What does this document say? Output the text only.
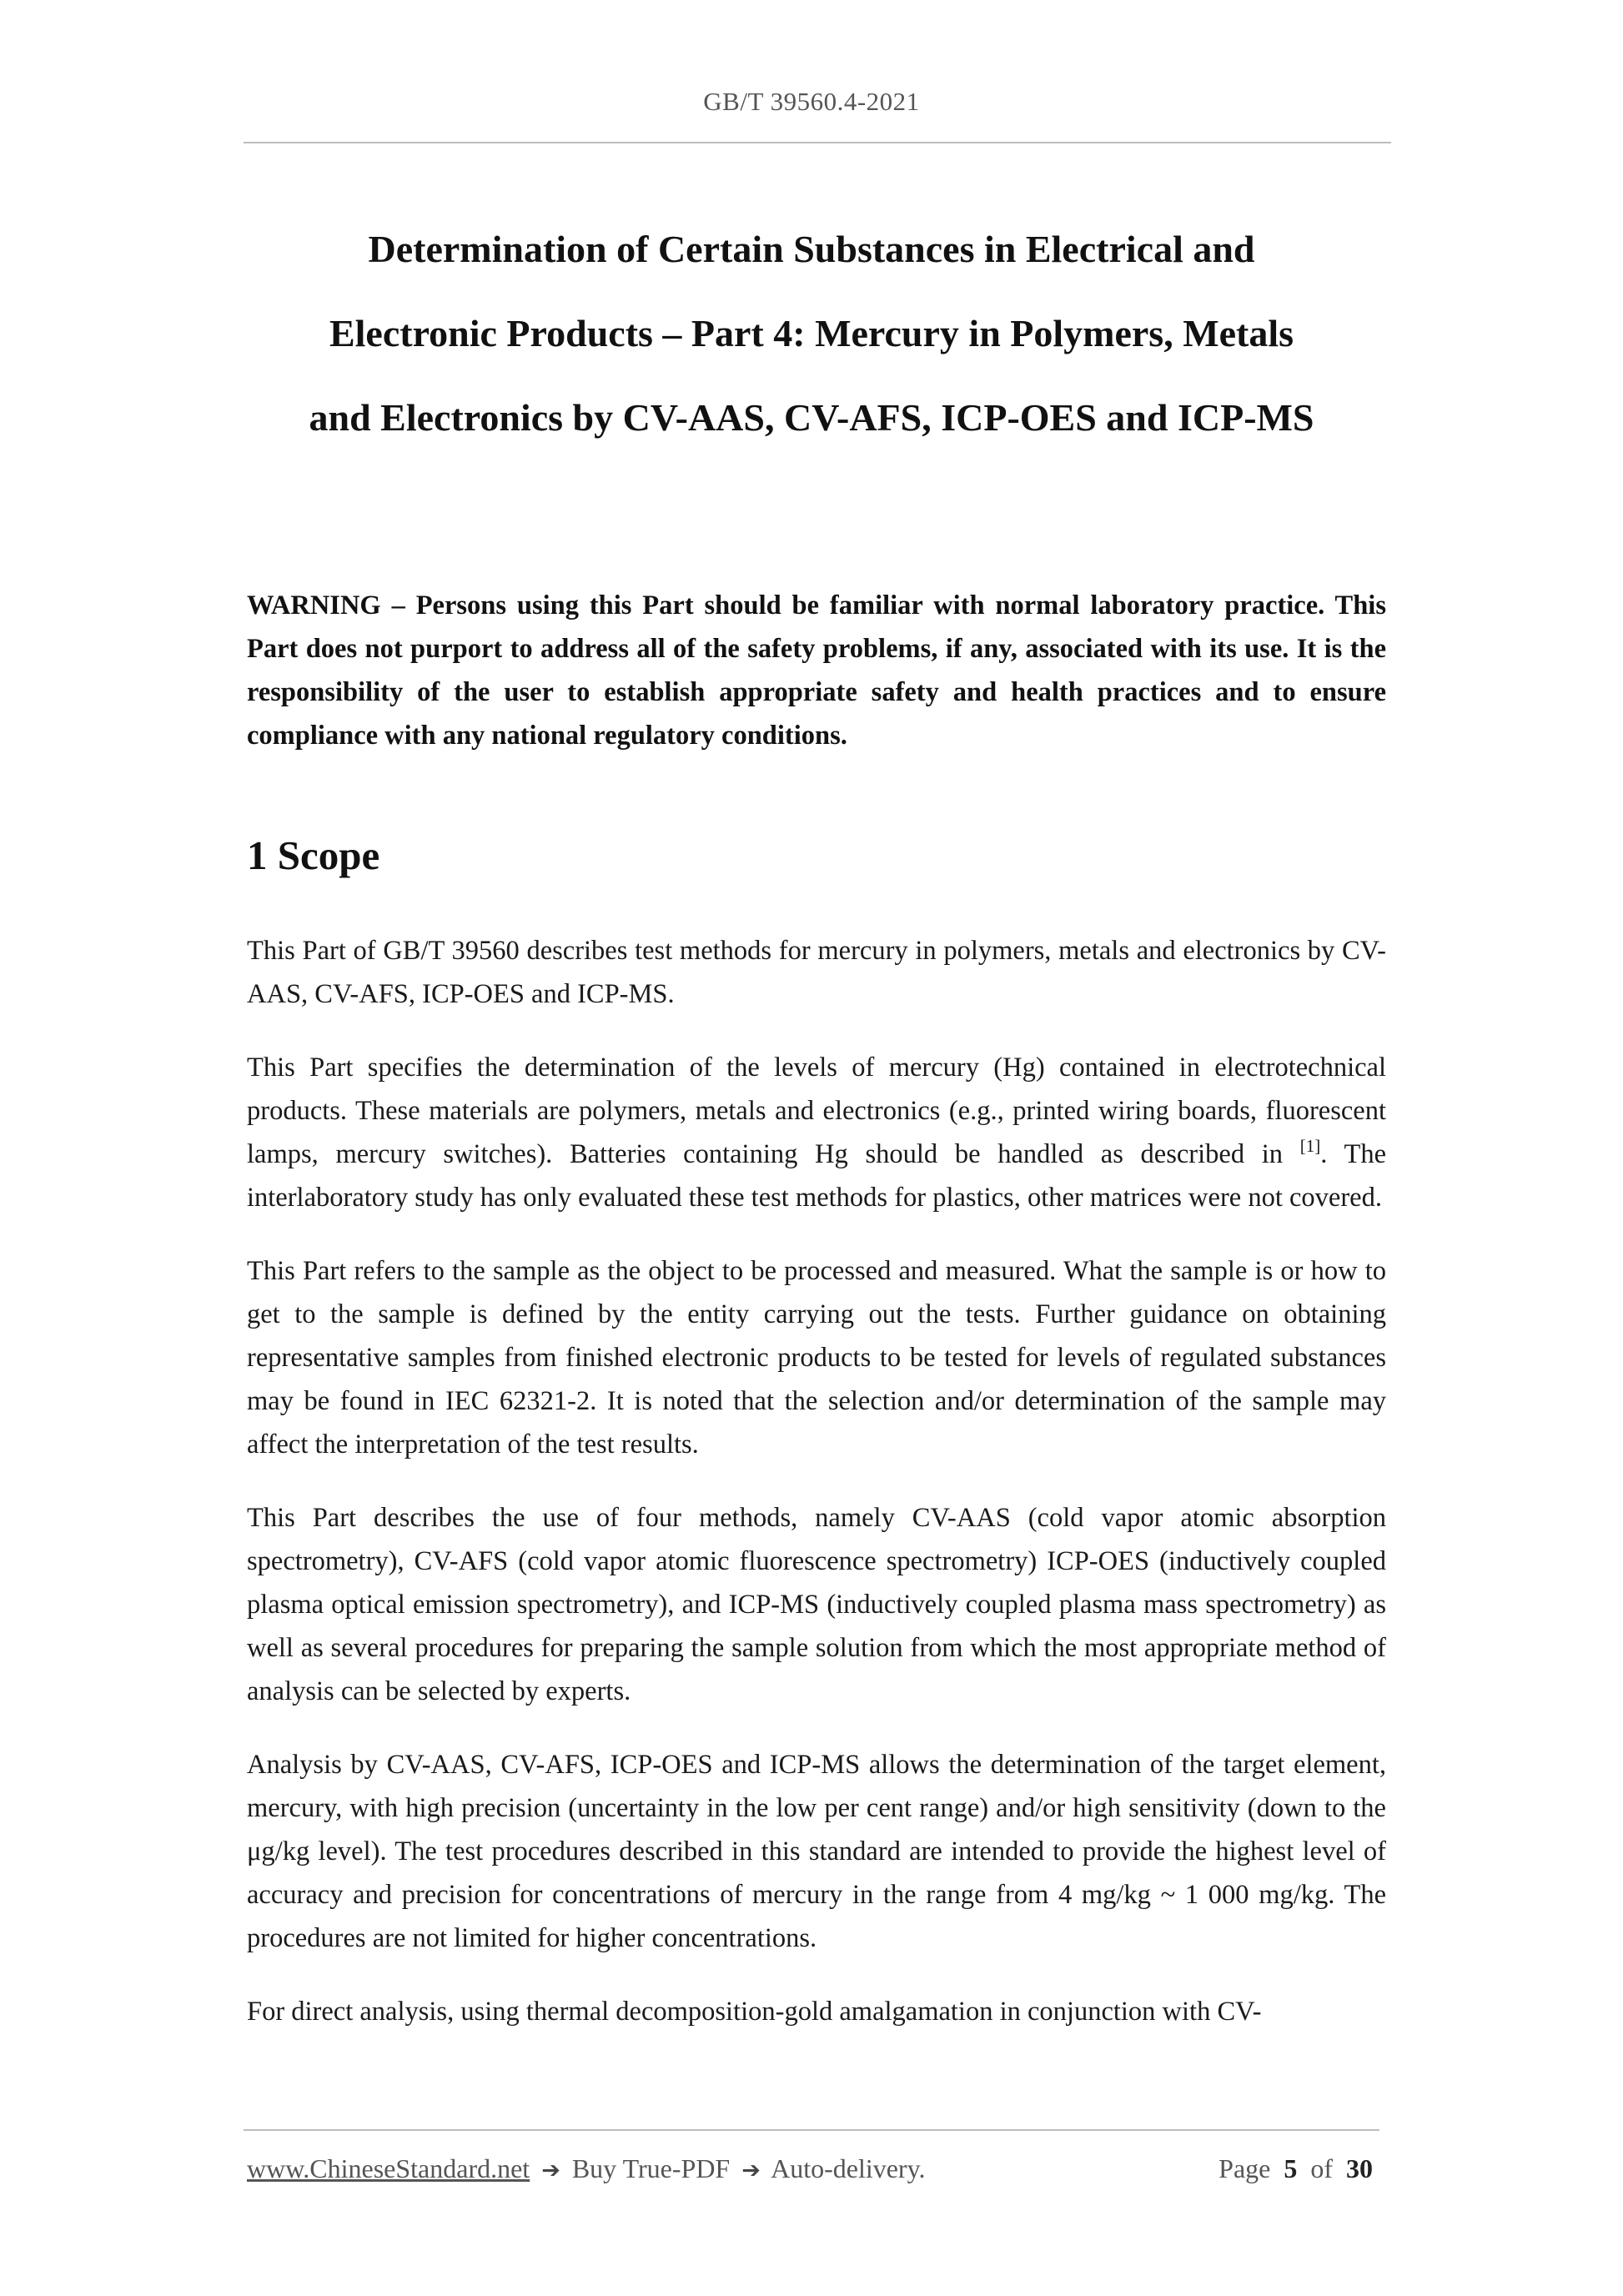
GB/T 39560.4-2021
Determination of Certain Substances in Electrical and
Electronic Products – Part 4: Mercury in Polymers, Metals
and Electronics by CV-AAS, CV-AFS, ICP-OES and ICP-MS

WARNING – Persons using this Part should be familiar with normal laboratory practice. This Part does not purport to address all of the safety problems, if any, associated with its use. It is the responsibility of the user to establish appropriate safety and health practices and to ensure compliance with any national regulatory conditions.

1 Scope

This Part of GB/T 39560 describes test methods for mercury in polymers, metals and electronics by CV-AAS, CV-AFS, ICP-OES and ICP-MS.

This Part specifies the determination of the levels of mercury (Hg) contained in electrotechnical products. These materials are polymers, metals and electronics (e.g., printed wiring boards, fluorescent lamps, mercury switches). Batteries containing Hg should be handled as described in [1]. The interlaboratory study has only evaluated these test methods for plastics, other matrices were not covered.

This Part refers to the sample as the object to be processed and measured. What the sample is or how to get to the sample is defined by the entity carrying out the tests. Further guidance on obtaining representative samples from finished electronic products to be tested for levels of regulated substances may be found in IEC 62321-2. It is noted that the selection and/or determination of the sample may affect the interpretation of the test results.

This Part describes the use of four methods, namely CV-AAS (cold vapor atomic absorption spectrometry), CV-AFS (cold vapor atomic fluorescence spectrometry) ICP-OES (inductively coupled plasma optical emission spectrometry), and ICP-MS (inductively coupled plasma mass spectrometry) as well as several procedures for preparing the sample solution from which the most appropriate method of analysis can be selected by experts.

Analysis by CV-AAS, CV-AFS, ICP-OES and ICP-MS allows the determination of the target element, mercury, with high precision (uncertainty in the low per cent range) and/or high sensitivity (down to the μg/kg level). The test procedures described in this standard are intended to provide the highest level of accuracy and precision for concentrations of mercury in the range from 4 mg/kg ~ 1 000 mg/kg. The procedures are not limited for higher concentrations.

For direct analysis, using thermal decomposition-gold amalgamation in conjunction with CV-

www.ChineseStandard.net ➔ Buy True-PDF ➔ Auto-delivery.	Page 5 of 30
